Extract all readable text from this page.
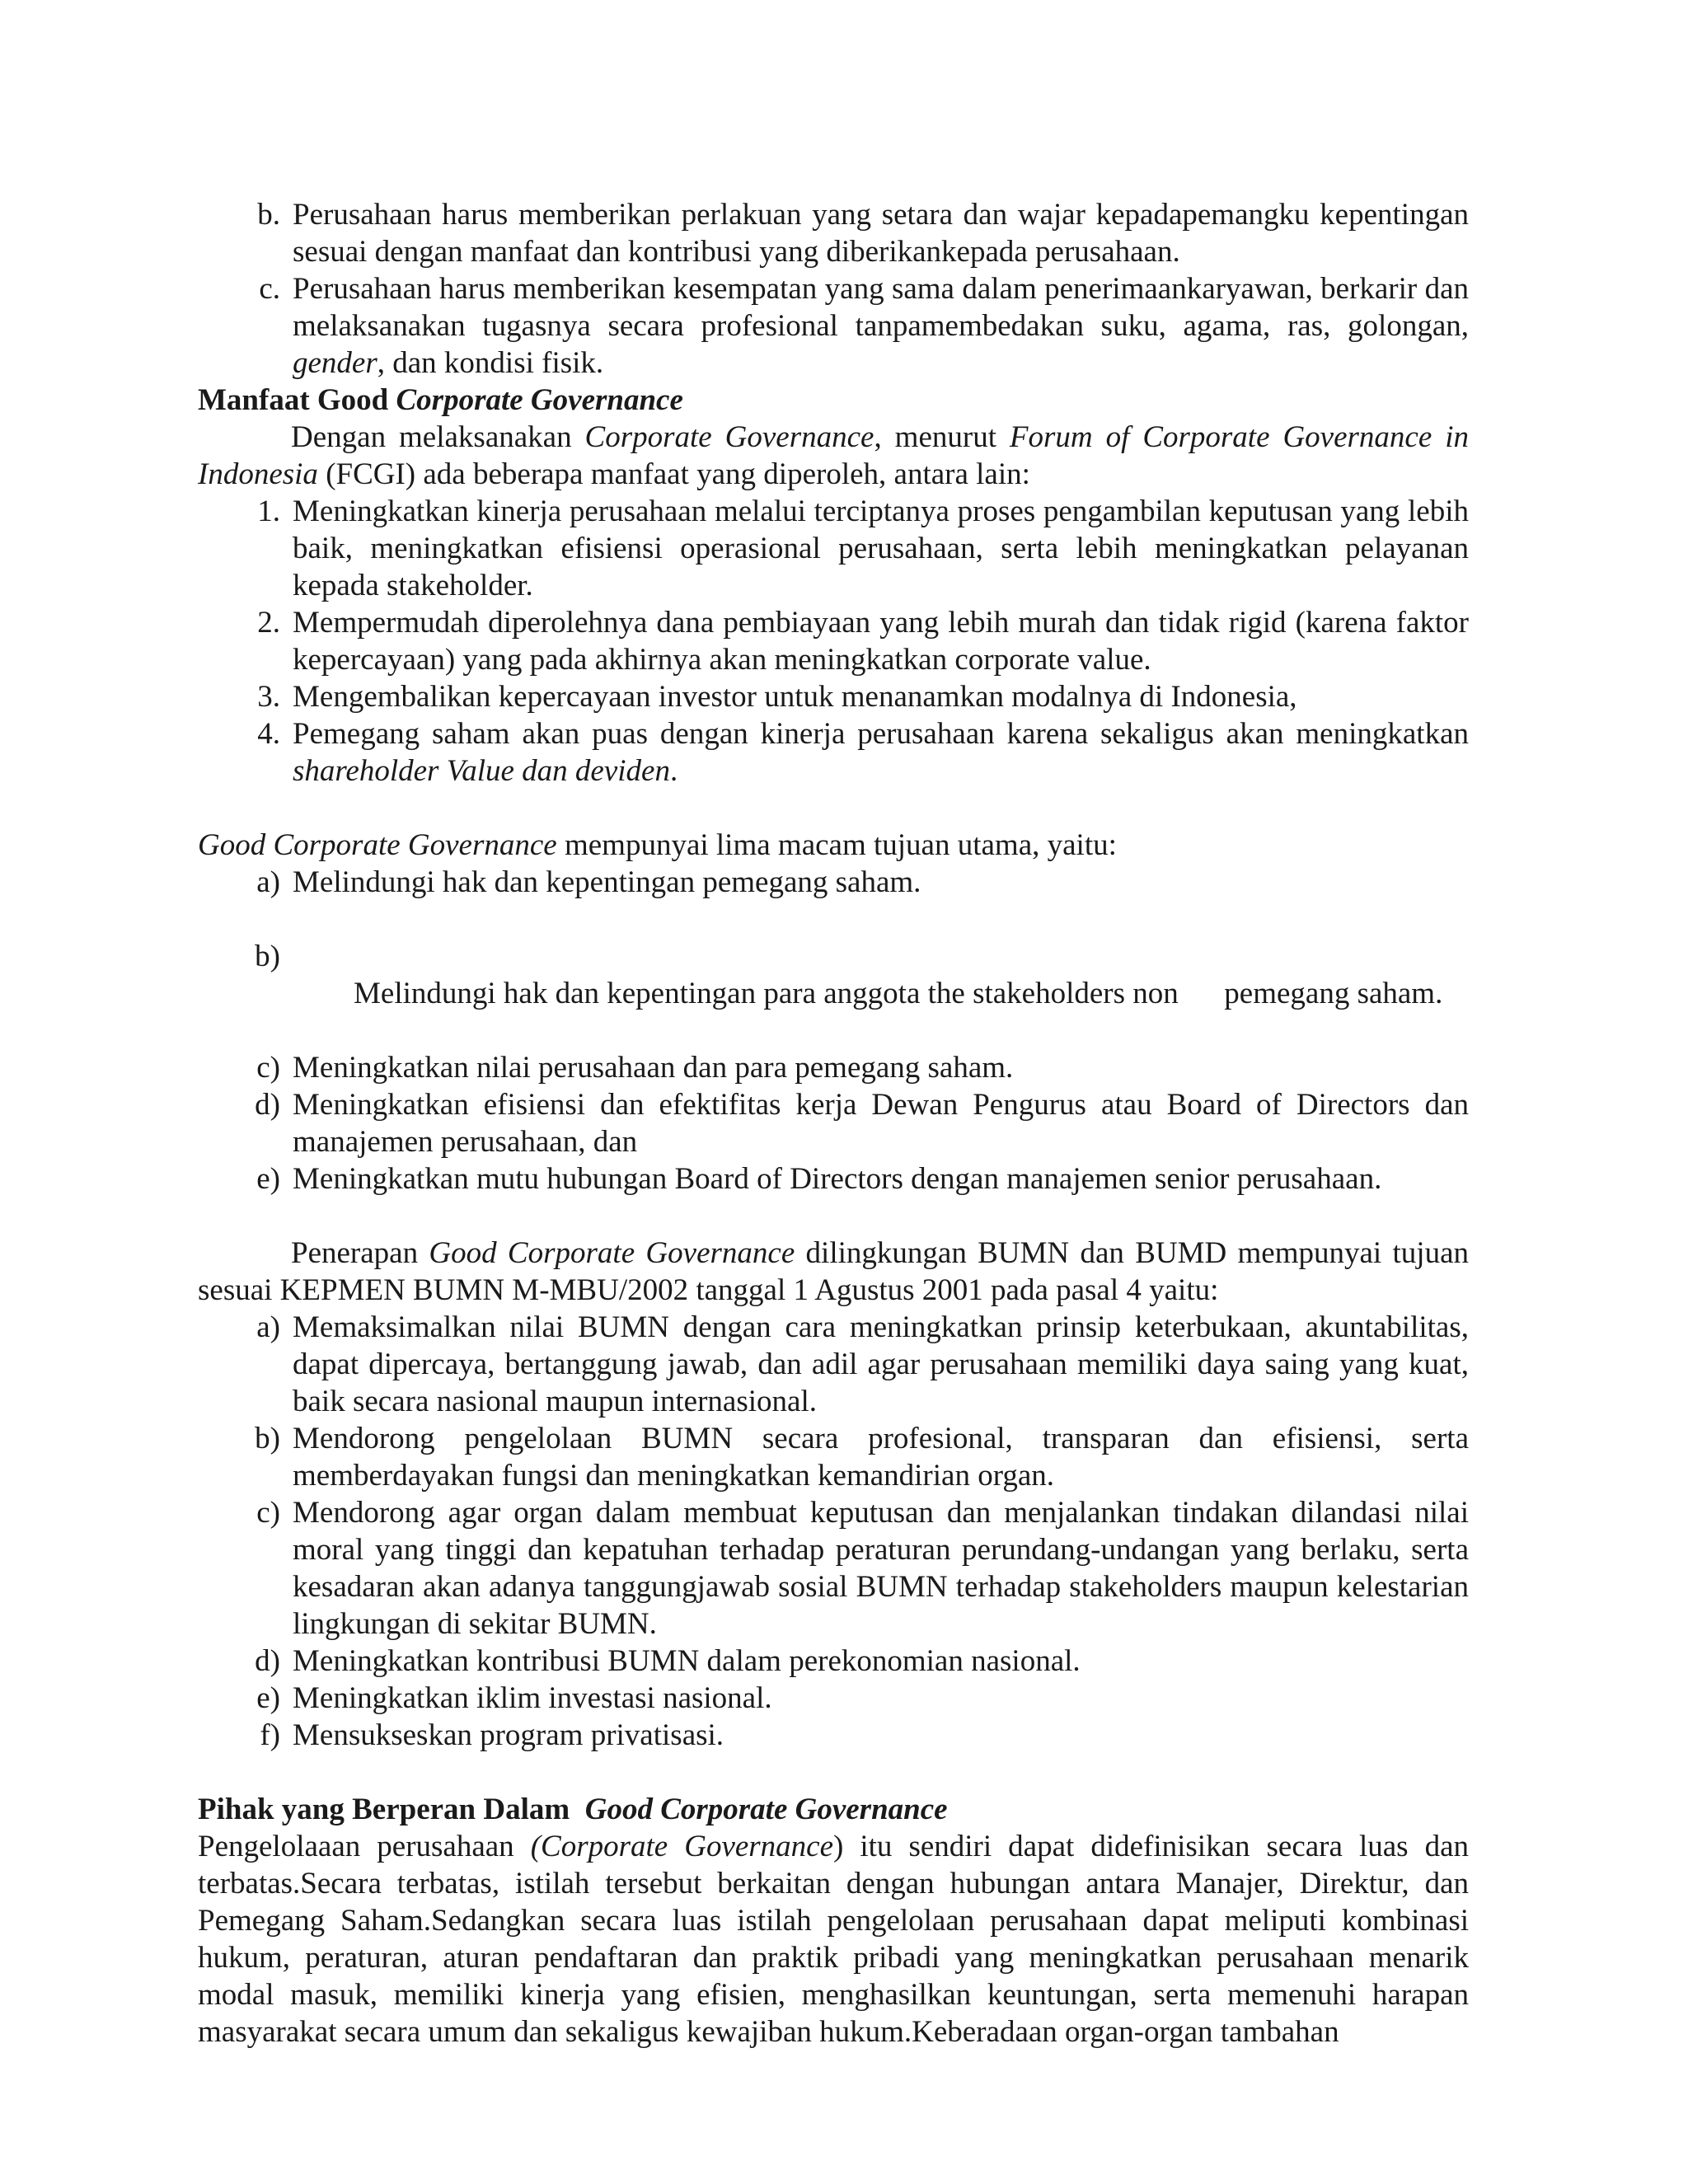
b. Perusahaan harus memberikan perlakuan yang setara dan wajar kepadapemangku kepentingan sesuai dengan manfaat dan kontribusi yang diberikankepada perusahaan.
c. Perusahaan harus memberikan kesempatan yang sama dalam penerimaankaryawan, berkarir dan melaksanakan tugasnya secara profesional tanpamembedakan suku, agama, ras, golongan, gender, dan kondisi fisik.

Manfaat Good Corporate Governance

Dengan melaksanakan Corporate Governance, menurut Forum of Corporate Governance in Indonesia (FCGI) ada beberapa manfaat yang diperoleh, antara lain:

1. Meningkatkan kinerja perusahaan melalui terciptanya proses pengambilan keputusan yang lebih baik, meningkatkan efisiensi operasional perusahaan, serta lebih meningkatkan pelayanan kepada stakeholder.
2. Mempermudah diperolehnya dana pembiayaan yang lebih murah dan tidak rigid (karena faktor kepercayaan) yang pada akhirnya akan meningkatkan corporate value.
3. Mengembalikan kepercayaan investor untuk menanamkan modalnya di Indonesia,
4. Pemegang saham akan puas dengan kinerja perusahaan karena sekaligus akan meningkatkan shareholder Value dan deviden.

Good Corporate Governance mempunyai lima macam tujuan utama, yaitu:

a) Melindungi hak dan kepentingan pemegang saham.

b)

Melindungi hak dan kepentingan para anggota the stakeholders non      pemegang saham.

c) Meningkatkan nilai perusahaan dan para pemegang saham.
d) Meningkatkan efisiensi dan efektifitas kerja Dewan Pengurus atau Board of Directors dan manajemen perusahaan, dan
e) Meningkatkan mutu hubungan Board of Directors dengan manajemen senior perusahaan.

Penerapan Good Corporate Governance dilingkungan BUMN dan BUMD mempunyai tujuan sesuai KEPMEN BUMN M-MBU/2002 tanggal 1 Agustus 2001 pada pasal 4 yaitu:

a) Memaksimalkan nilai BUMN dengan cara meningkatkan prinsip keterbukaan, akuntabilitas, dapat dipercaya, bertanggung jawab, dan adil agar perusahaan memiliki daya saing yang kuat, baik secara nasional maupun internasional.
b) Mendorong pengelolaan BUMN secara profesional, transparan dan efisiensi, serta memberdayakan fungsi dan meningkatkan kemandirian organ.
c) Mendorong agar organ dalam membuat keputusan dan menjalankan tindakan dilandasi nilai moral yang tinggi dan kepatuhan terhadap peraturan perundang-undangan yang berlaku, serta kesadaran akan adanya tanggungjawab sosial BUMN terhadap stakeholders maupun kelestarian lingkungan di sekitar BUMN.
d) Meningkatkan kontribusi BUMN dalam perekonomian nasional.
e) Meningkatkan iklim investasi nasional.
f) Mensukseskan program privatisasi.

Pihak yang Berperan Dalam  Good Corporate Governance

Pengelolaaan perusahaan (Corporate Governance) itu sendiri dapat didefinisikan secara luas dan terbatas.Secara terbatas, istilah tersebut berkaitan dengan hubungan antara Manajer, Direktur, dan Pemegang Saham.Sedangkan secara luas istilah pengelolaan perusahaan dapat meliputi kombinasi hukum, peraturan, aturan pendaftaran dan praktik pribadi yang meningkatkan perusahaan menarik modal masuk, memiliki kinerja yang efisien, menghasilkan keuntungan, serta memenuhi harapan masyarakat secara umum dan sekaligus kewajiban hukum.Keberadaan organ-organ tambahan
